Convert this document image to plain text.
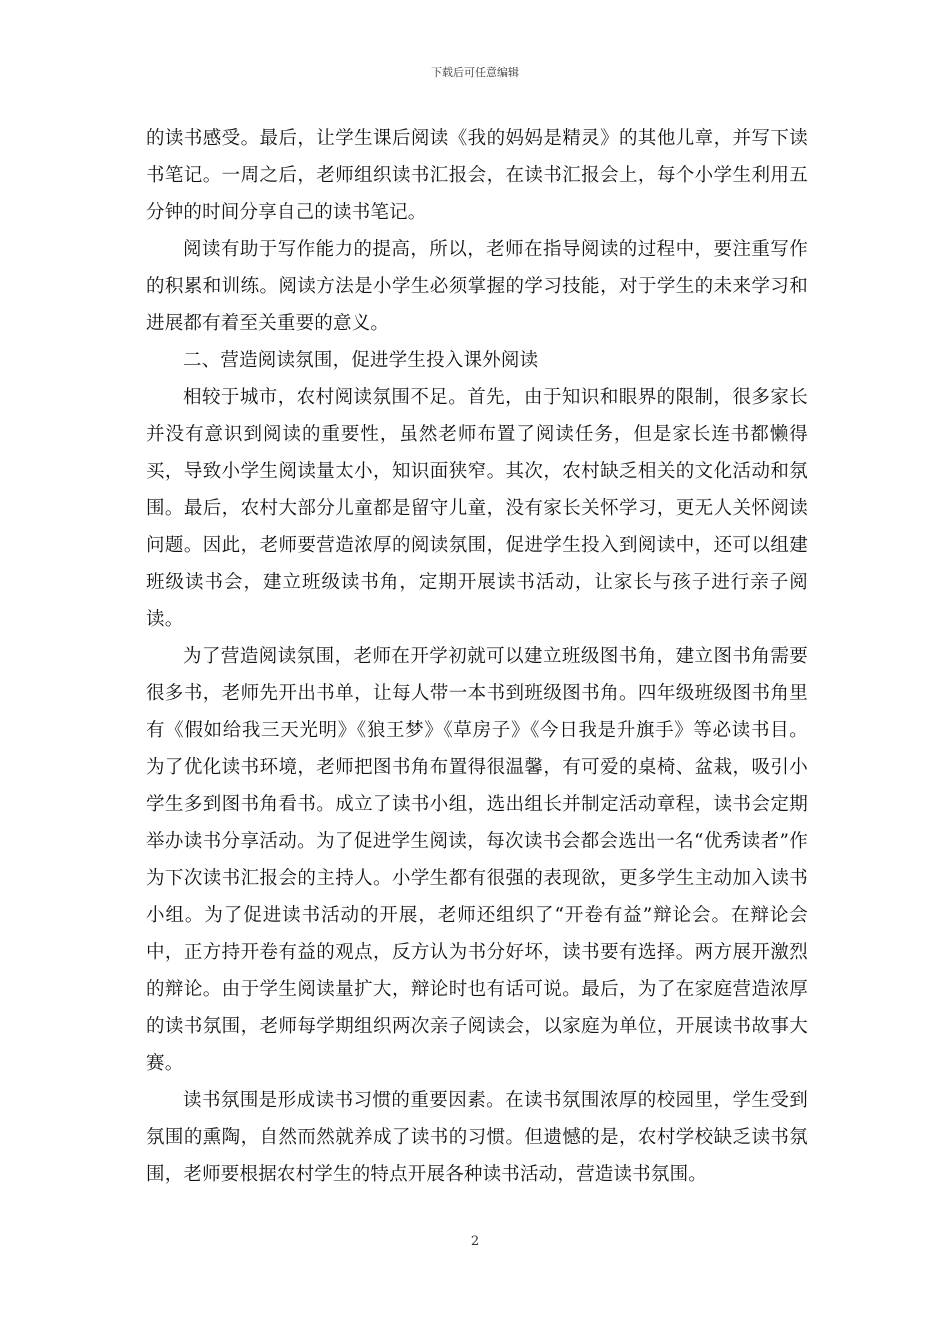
下载后可任意编辑

的读书感受。最后，让学生课后阅读《我的妈妈是精灵》的其他儿章，并写下读书笔记。一周之后，老师组织读书汇报会，在读书汇报会上，每个小学生利用五分钟的时间分享自己的读书笔记。

阅读有助于写作能力的提高，所以，老师在指导阅读的过程中，要注重写作的积累和训练。阅读方法是小学生必须掌握的学习技能，对于学生的未来学习和进展都有着至关重要的意义。

二、营造阅读氛围，促进学生投入课外阅读

相较于城市，农村阅读氛围不足。首先，由于知识和眼界的限制，很多家长并没有意识到阅读的重要性，虽然老师布置了阅读任务，但是家长连书都懒得买，导致小学生阅读量太小，知识面狭窄。其次，农村缺乏相关的文化活动和氛围。最后，农村大部分儿童都是留守儿童，没有家长关怀学习，更无人关怀阅读问题。因此，老师要营造浓厚的阅读氛围，促进学生投入到阅读中，还可以组建班级读书会，建立班级读书角，定期开展读书活动，让家长与孩子进行亲子阅读。

为了营造阅读氛围，老师在开学初就可以建立班级图书角，建立图书角需要很多书，老师先开出书单，让每人带一本书到班级图书角。四年级班级图书角里有《假如给我三天光明》《狼王梦》《草房子》《今日我是升旗手》等必读书目。为了优化读书环境，老师把图书角布置得很温馨，有可爱的桌椅、盆栽，吸引小学生多到图书角看书。成立了读书小组，选出组长并制定活动章程，读书会定期举办读书分享活动。为了促进学生阅读，每次读书会都会选出一名“优秀读者”作为下次读书汇报会的主持人。小学生都有很强的表现欲，更多学生主动加入读书小组。为了促进读书活动的开展，老师还组织了“开卷有益”辩论会。在辩论会中，正方持开卷有益的观点，反方认为书分好坏，读书要有选择。两方展开激烈的辩论。由于学生阅读量扩大，辩论时也有话可说。最后，为了在家庭营造浓厚的读书氛围，老师每学期组织两次亲子阅读会，以家庭为单位，开展读书故事大赛。

读书氛围是形成读书习惯的重要因素。在读书氛围浓厚的校园里，学生受到氛围的熏陶，自然而然就养成了读书的习惯。但遗憾的是，农村学校缺乏读书氛围，老师要根据农村学生的特点开展各种读书活动，营造读书氛围。

2
